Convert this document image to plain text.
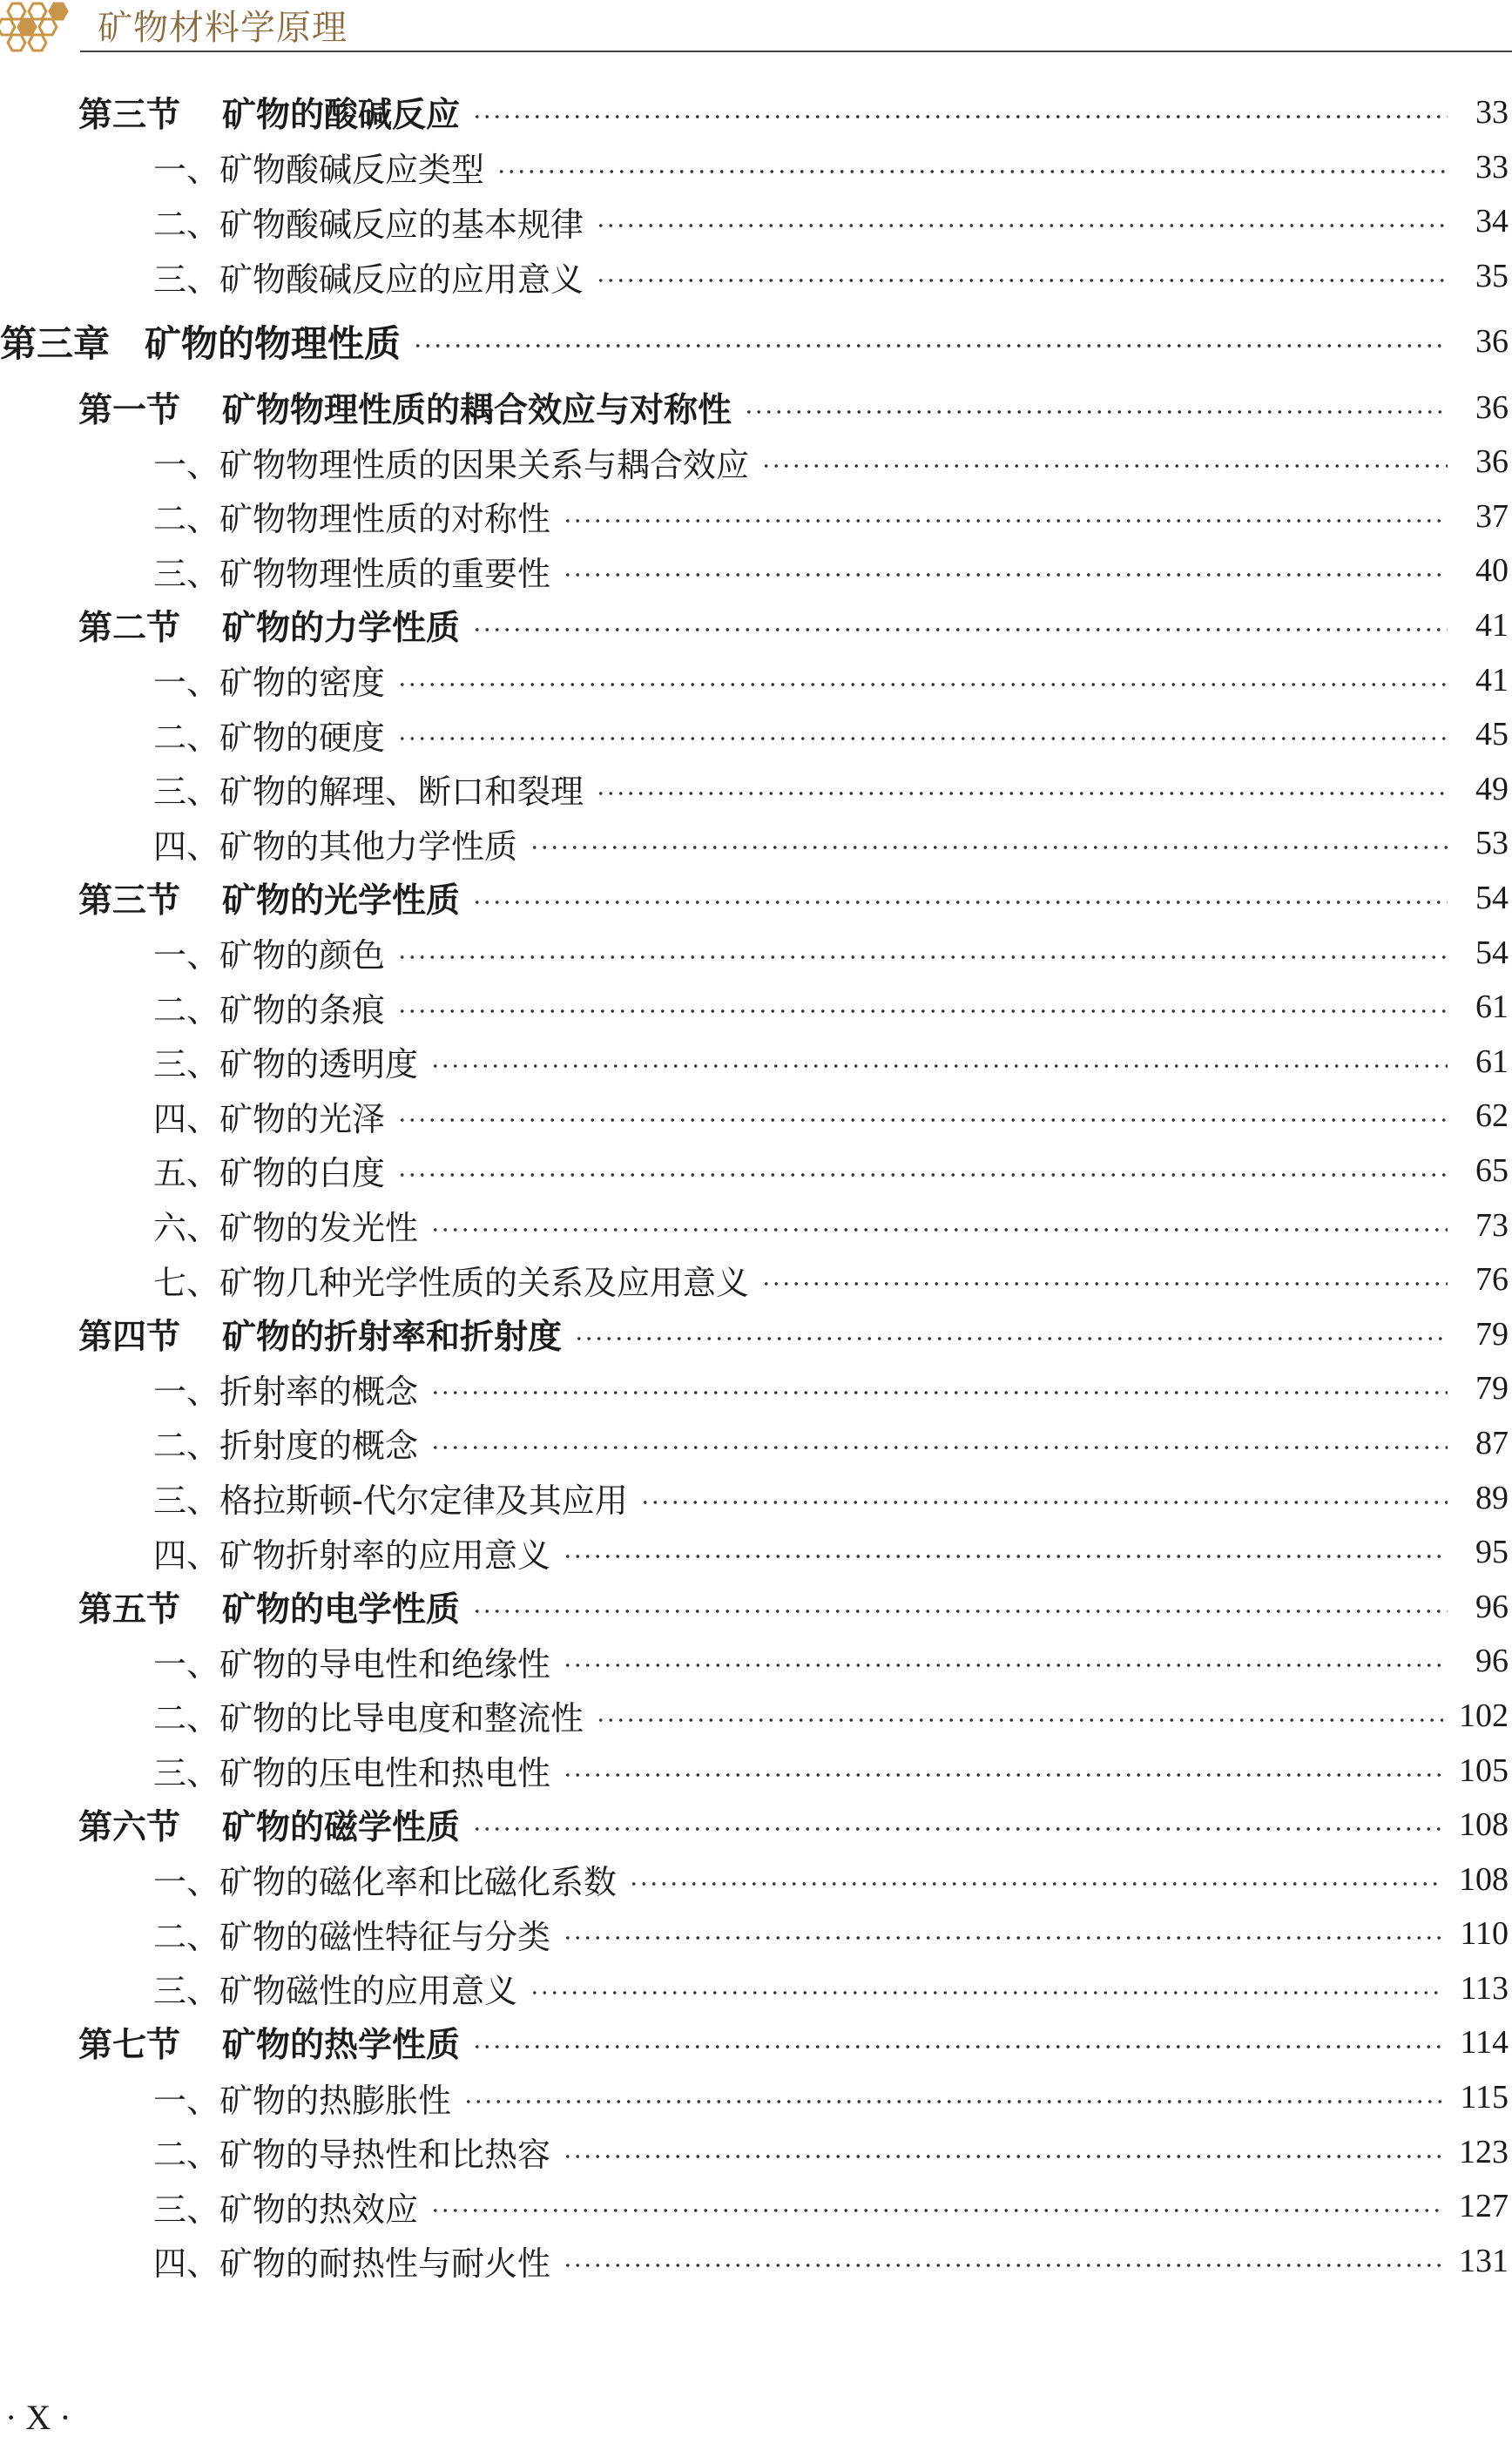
矿物材料学原理
第三节 矿物的酸碱反应	33
一、 矿物酸碱反应类型	33
二、 矿物酸碱反应的基本规律	34
三、 矿物酸碱反应的应用意义	35
第三章 矿物的物理性质	36
第一节 矿物物理性质的耦合效应与对称性	36
一、 矿物物理性质的因果关系与耦合效应	36
二、 矿物物理性质的对称性	37
三、 矿物物理性质的重要性	40
第二节 矿物的力学性质	41
一、 矿物的密度	41
二、 矿物的硬度	45
三、 矿物的解理、断口和裂理	49
四、 矿物的其他力学性质	53
第三节 矿物的光学性质	54
一、 矿物的颜色	54
二、 矿物的条痕	61
三、 矿物的透明度	61
四、 矿物的光泽	62
五、 矿物的白度	65
六、 矿物的发光性	73
七、 矿物几种光学性质的关系及应用意义	76
第四节 矿物的折射率和折射度	79
一、 折射率的概念	79
二、 折射度的概念	87
三、 格拉斯顿-代尔定律及其应用	89
四、 矿物折射率的应用意义	95
第五节 矿物的电学性质	96
一、 矿物的导电性和绝缘性	96
二、 矿物的比导电度和整流性	102
三、 矿物的压电性和热电性	105
第六节 矿物的磁学性质	108
一、 矿物的磁化率和比磁化系数	108
二、 矿物的磁性特征与分类	110
三、 矿物磁性的应用意义	113
第七节 矿物的热学性质	114
一、 矿物的热膨胀性	115
二、 矿物的导热性和比热容	123
三、 矿物的热效应	127
四、 矿物的耐热性与耐火性	131
· X ·
